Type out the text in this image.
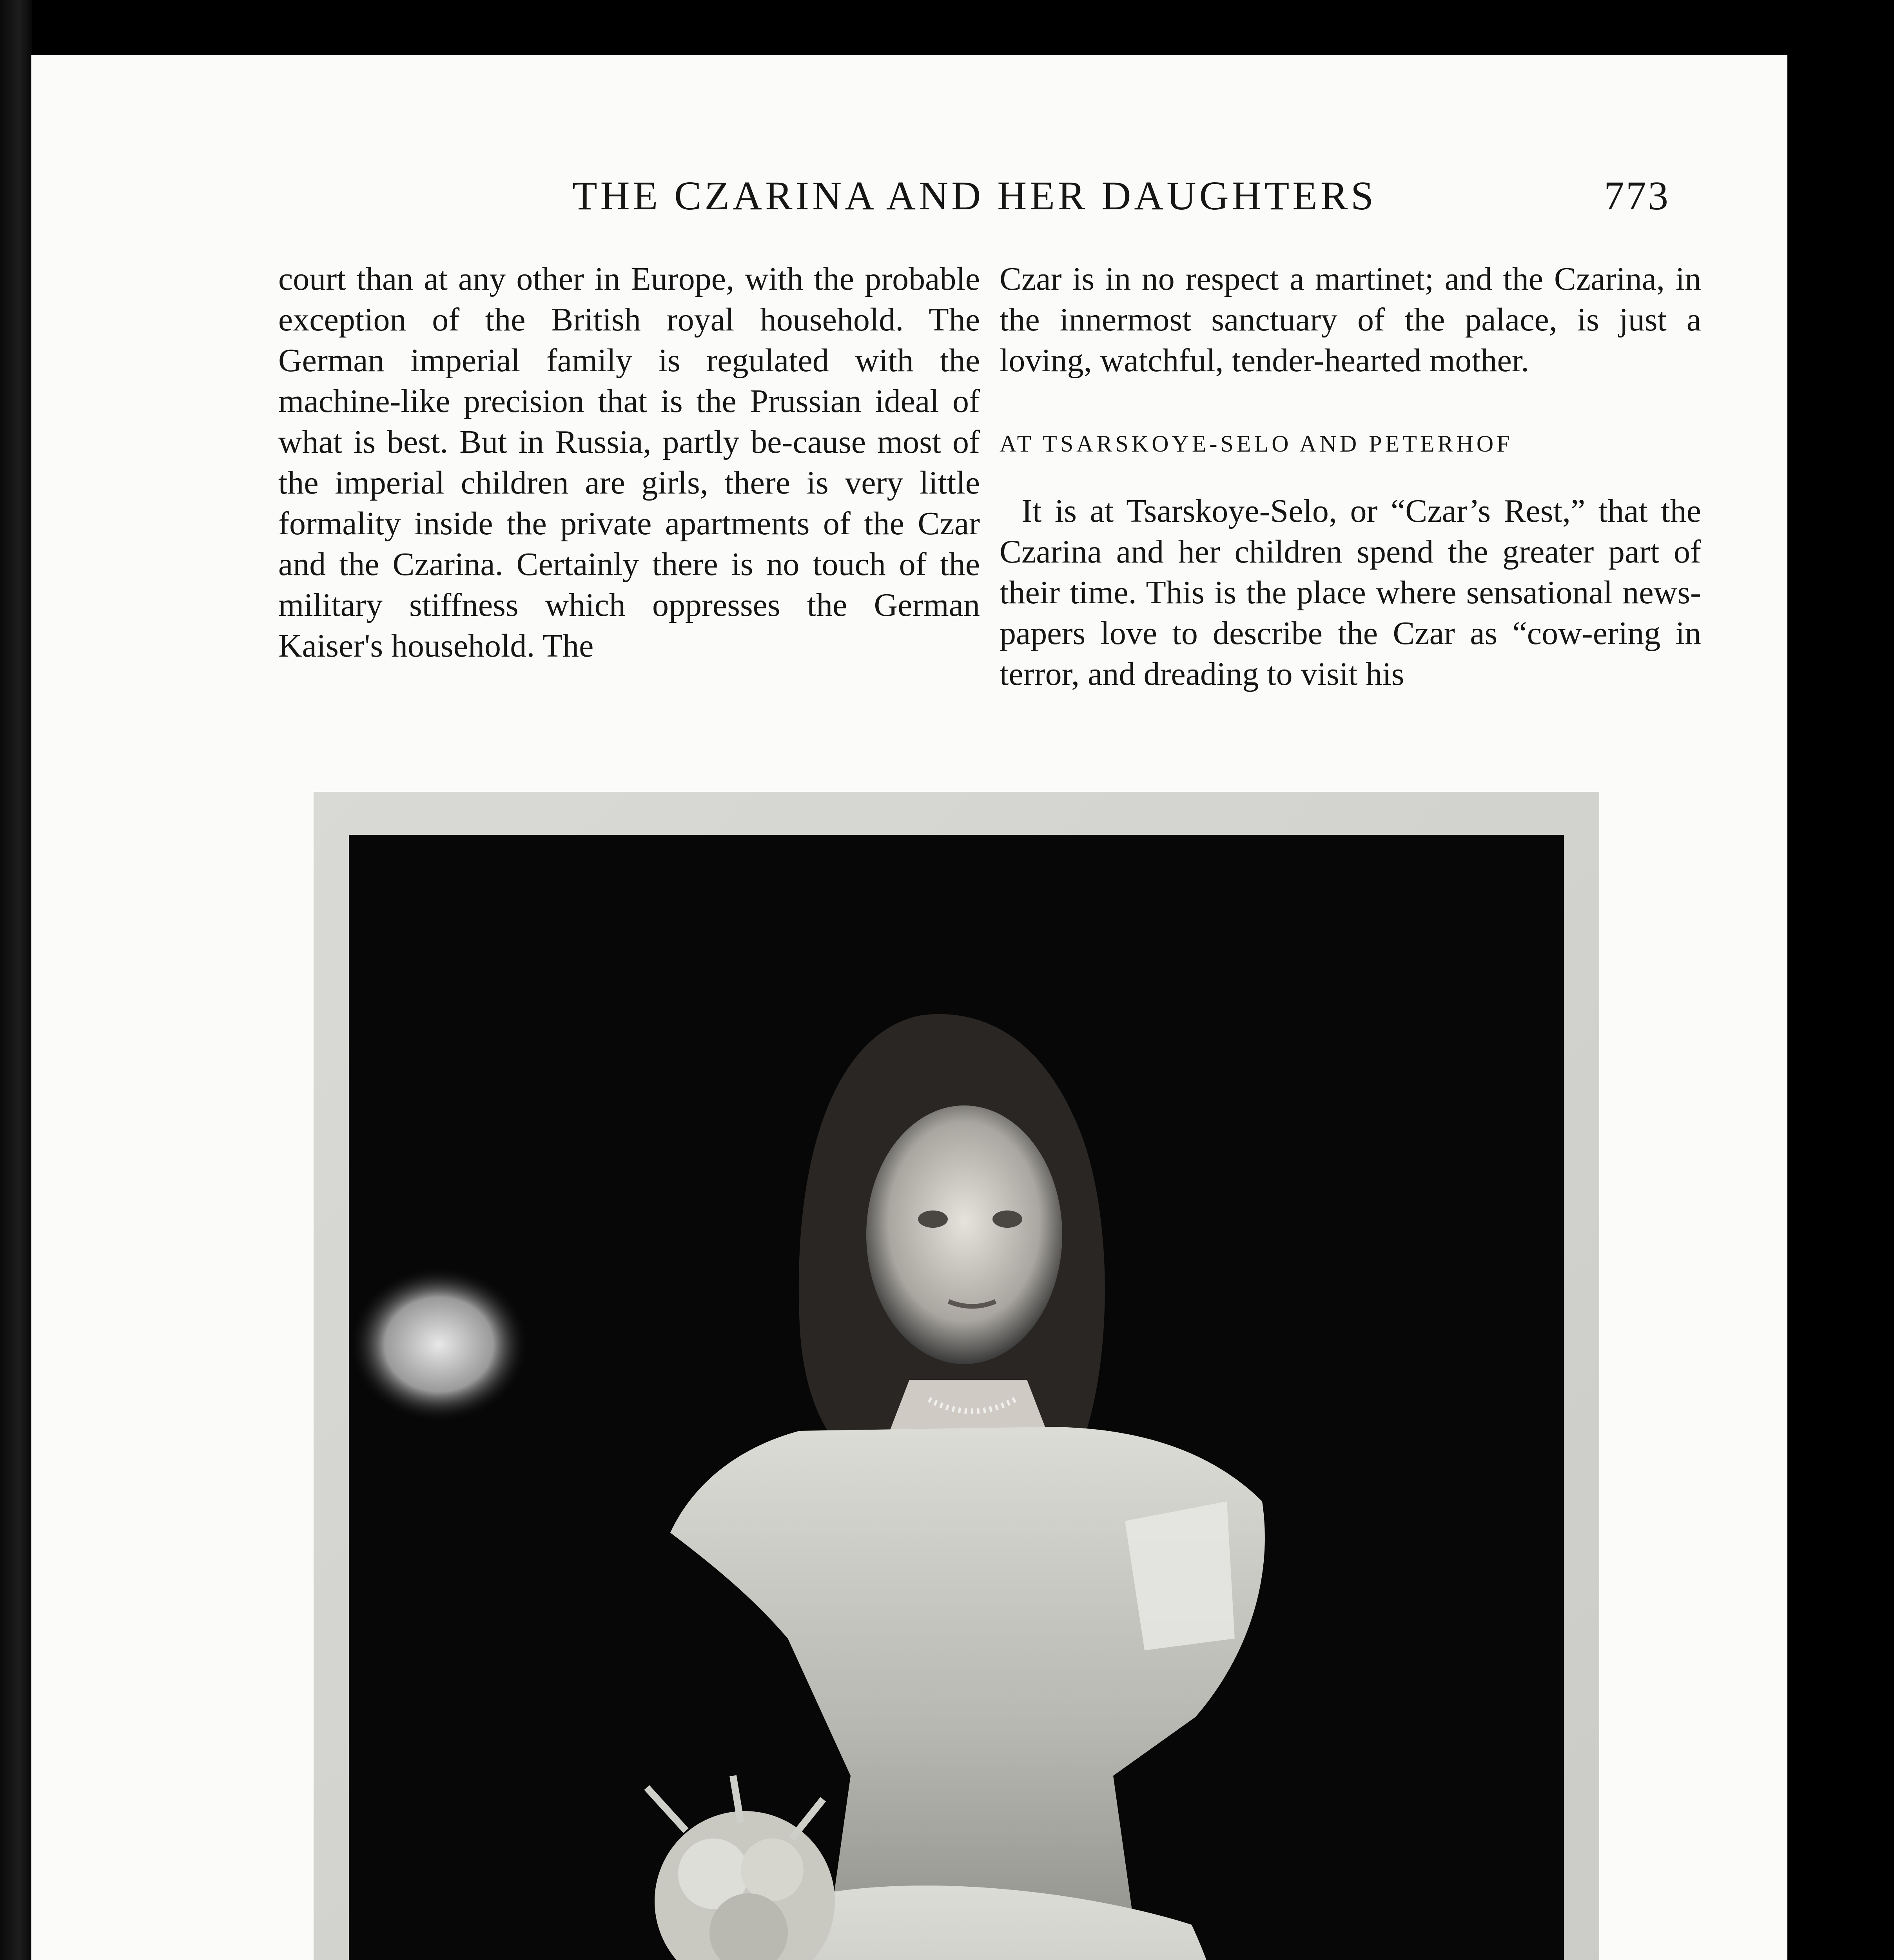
THE CZARINA AND HER DAUGHTERS	773

court than at any other in Europe, with the probable exception of the British royal household. The German imperial family is regulated with the machine-like precision that is the Prussian ideal of what is best. But in Russia, partly be-cause most of the imperial children are girls, there is very little formality inside the private apartments of the Czar and the Czarina. Certainly there is no touch of the military stiffness which oppresses the German Kaiser's household. The

Czar is in no respect a martinet; and the Czarina, in the innermost sanctuary of the palace, is just a loving, watchful, tender-hearted mother.

AT TSARSKOYE-SELO AND PETERHOF

It is at Tsarskoye-Selo, or “Czar’s Rest,” that the Czarina and her children spend the greater part of their time. This is the place where sensational news-papers love to describe the Czar as “cow-ering in terror, and dreading to visit his
